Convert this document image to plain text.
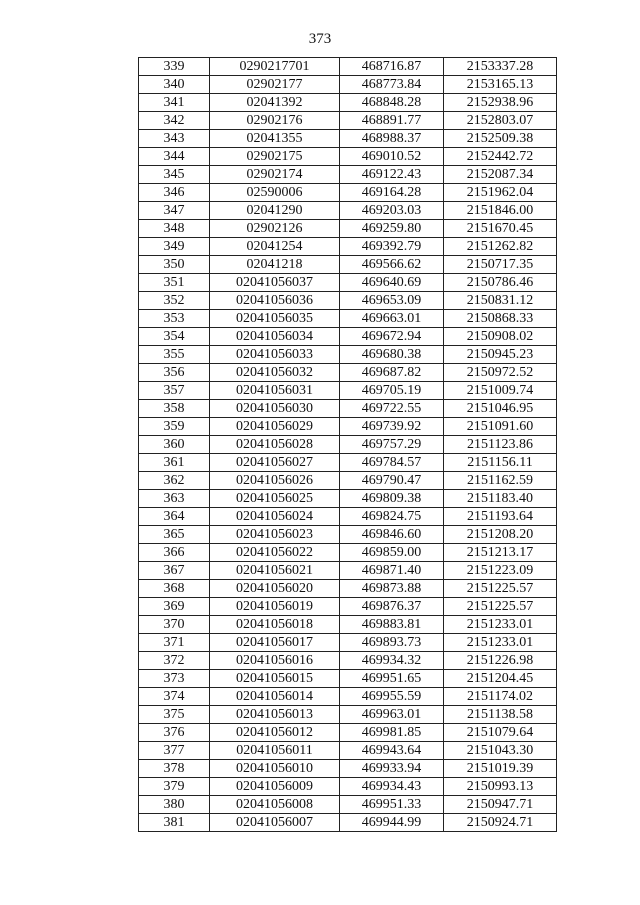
373
339	0290217701	468716.87	2153337.28
340	02902177	468773.84	2153165.13
341	02041392	468848.28	2152938.96
342	02902176	468891.77	2152803.07
343	02041355	468988.37	2152509.38
344	02902175	469010.52	2152442.72
345	02902174	469122.43	2152087.34
346	02590006	469164.28	2151962.04
347	02041290	469203.03	2151846.00
348	02902126	469259.80	2151670.45
349	02041254	469392.79	2151262.82
350	02041218	469566.62	2150717.35
351	02041056037	469640.69	2150786.46
352	02041056036	469653.09	2150831.12
353	02041056035	469663.01	2150868.33
354	02041056034	469672.94	2150908.02
355	02041056033	469680.38	2150945.23
356	02041056032	469687.82	2150972.52
357	02041056031	469705.19	2151009.74
358	02041056030	469722.55	2151046.95
359	02041056029	469739.92	2151091.60
360	02041056028	469757.29	2151123.86
361	02041056027	469784.57	2151156.11
362	02041056026	469790.47	2151162.59
363	02041056025	469809.38	2151183.40
364	02041056024	469824.75	2151193.64
365	02041056023	469846.60	2151208.20
366	02041056022	469859.00	2151213.17
367	02041056021	469871.40	2151223.09
368	02041056020	469873.88	2151225.57
369	02041056019	469876.37	2151225.57
370	02041056018	469883.81	2151233.01
371	02041056017	469893.73	2151233.01
372	02041056016	469934.32	2151226.98
373	02041056015	469951.65	2151204.45
374	02041056014	469955.59	2151174.02
375	02041056013	469963.01	2151138.58
376	02041056012	469981.85	2151079.64
377	02041056011	469943.64	2151043.30
378	02041056010	469933.94	2151019.39
379	02041056009	469934.43	2150993.13
380	02041056008	469951.33	2150947.71
381	02041056007	469944.99	2150924.71
